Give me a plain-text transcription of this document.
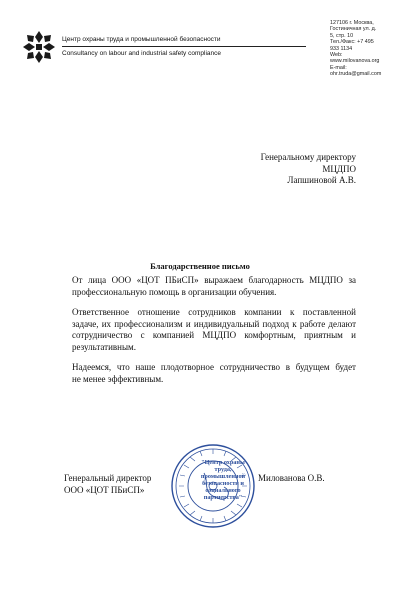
Центр охраны труда и промышленной безопасности
Consultancy on labour and industrial safety compliance
127106 г. Москва,
Гостиничная ул. д.
5, стр. 10
Тел./Факс: +7 495
933 1134
Web:
www.milovanova.org
E-mail:
ohr.truda@gmail.com
Генеральному директору
МЦДПО
Лапшиновой А.В.
Благодарственное письмо

От лица ООО «ЦОТ ПБиСП» выражаем благодарность МЦДПО за
профессиональную помощь в организации обучения.

Ответственное отношение сотрудников компании к поставленной
задаче, их профессионализм и индивидуальный подход к работе делают
сотрудничество с компанией МЦДПО комфортным, приятным и
результативным.

Надеемся, что наше плодотворное сотрудничество в будущем будет
не менее эффективным.

"Центр охраны труда, промышленной безопасности и социального партнерства"
Генеральный директор
ООО «ЦОТ ПБиСП»
Милованова О.В.
